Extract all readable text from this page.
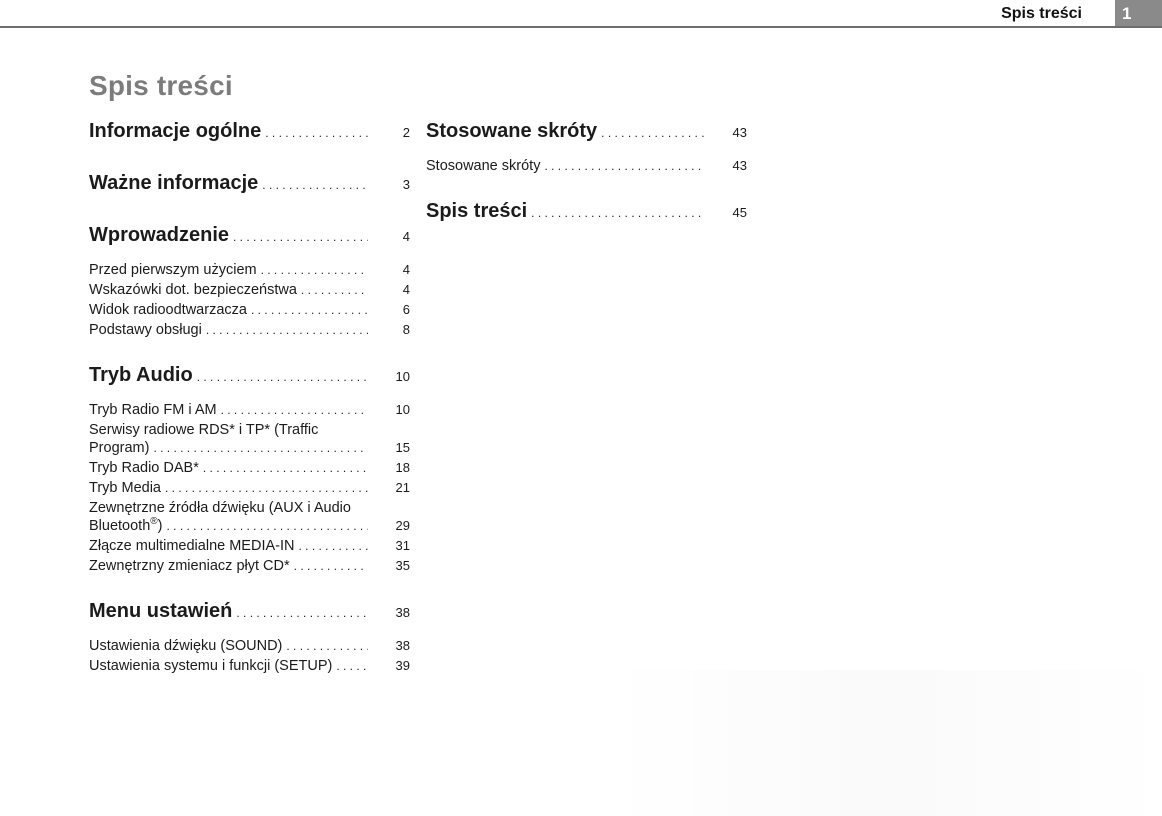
Spis treści 1
Spis treści
Informacje ogólne . . .	2
Ważne informacje . . .	3
Wprowadzenie . . .	4
Przed pierwszym użyciem . . .	4
Wskazówki dot. bezpieczeństwa . . .	4
Widok radioodtwarzacza . . .	6
Podstawy obsługi . . .	8
Tryb Audio . . .	10
Tryb Radio FM i AM . . .	10
Serwisy radiowe RDS* i TP* (Traffic
Program) . . .	15
Tryb Radio DAB* . . .	18
Tryb Media . . .	21
Zewnętrzne źródła dźwięku (AUX i Audio
Bluetooth®) . . .	29
Złącze multimedialne MEDIA-IN . . .	31
Zewnętrzny zmieniacz płyt CD* . . .	35
Menu ustawień . . .	38
Ustawienia dźwięku (SOUND) . . .	38
Ustawienia systemu i funkcji (SETUP) . . .	39
Stosowane skróty . . .	43
Stosowane skróty . . .	43
Spis treści . . .	45
